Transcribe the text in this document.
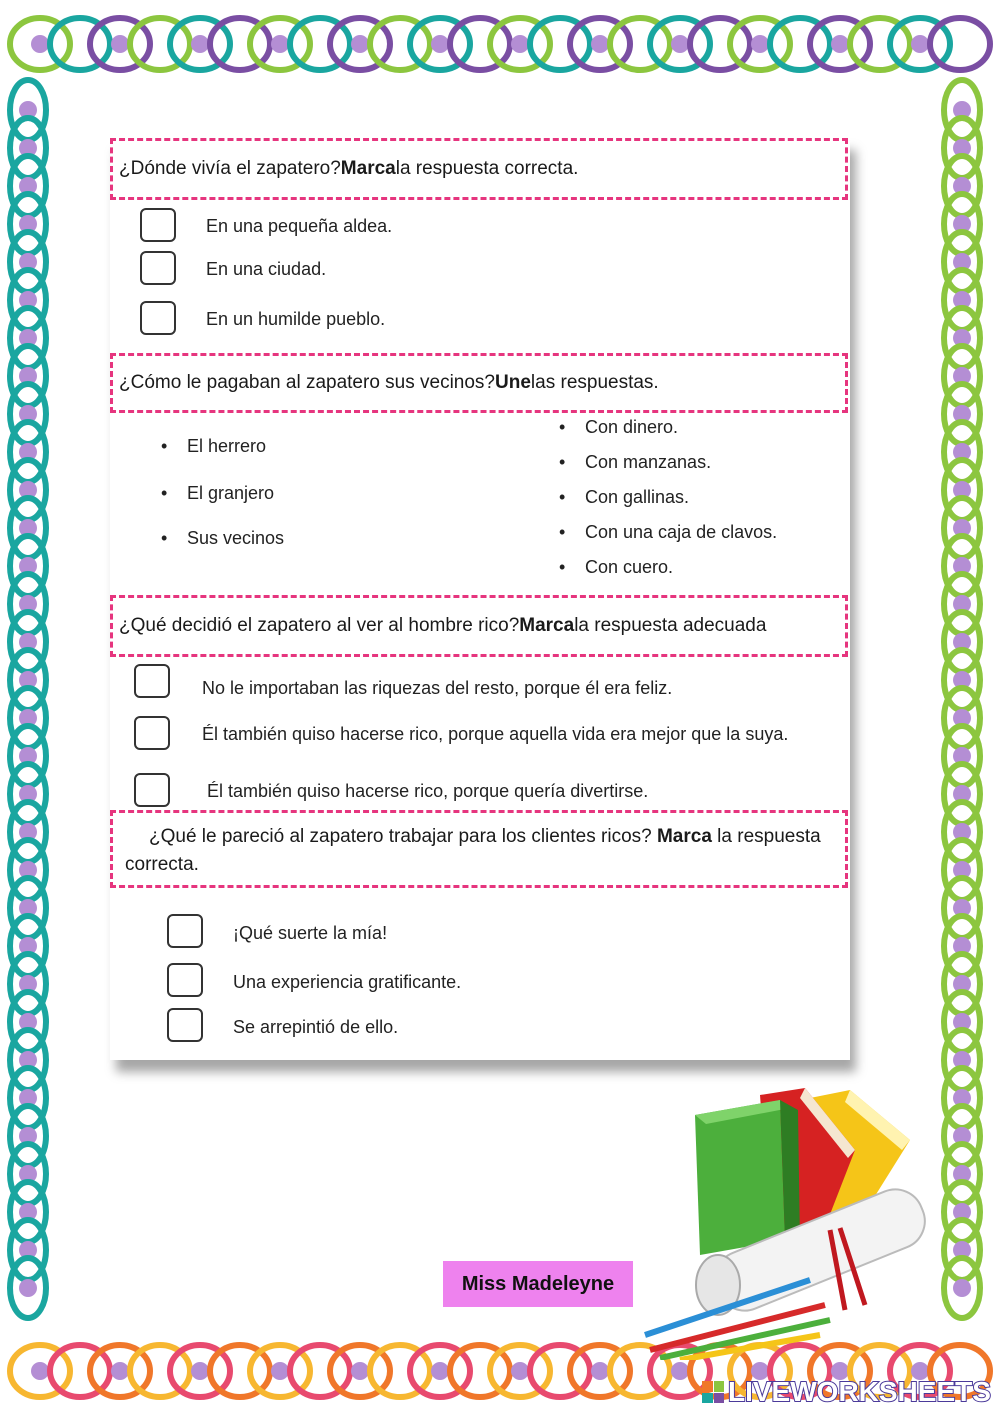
¿Dónde vivía el zapatero? Marca la respuesta correcta.
En una pequeña aldea.
En una ciudad.
En un humilde pueblo.
¿Cómo le pagaban al zapatero sus vecinos? Une las respuestas.
• El herrero
• El granjero
• Sus vecinos
• Con dinero.
• Con manzanas.
• Con gallinas.
• Con una caja de clavos.
• Con cuero.
¿Qué decidió el zapatero al ver al hombre rico? Marca la respuesta adecuada
No le importaban las riquezas del resto, porque él era feliz.
Él también quiso hacerse rico, porque aquella vida era mejor que la suya.
Él también quiso hacerse rico, porque quería divertirse.
¿Qué le pareció al zapatero trabajar para los clientes ricos? Marca la respuesta
correcta.
¡Qué suerte la mía!
Una experiencia gratificante.
Se arrepintió de ello.
Miss Madeleyne
LIVEWORKSHEETS
